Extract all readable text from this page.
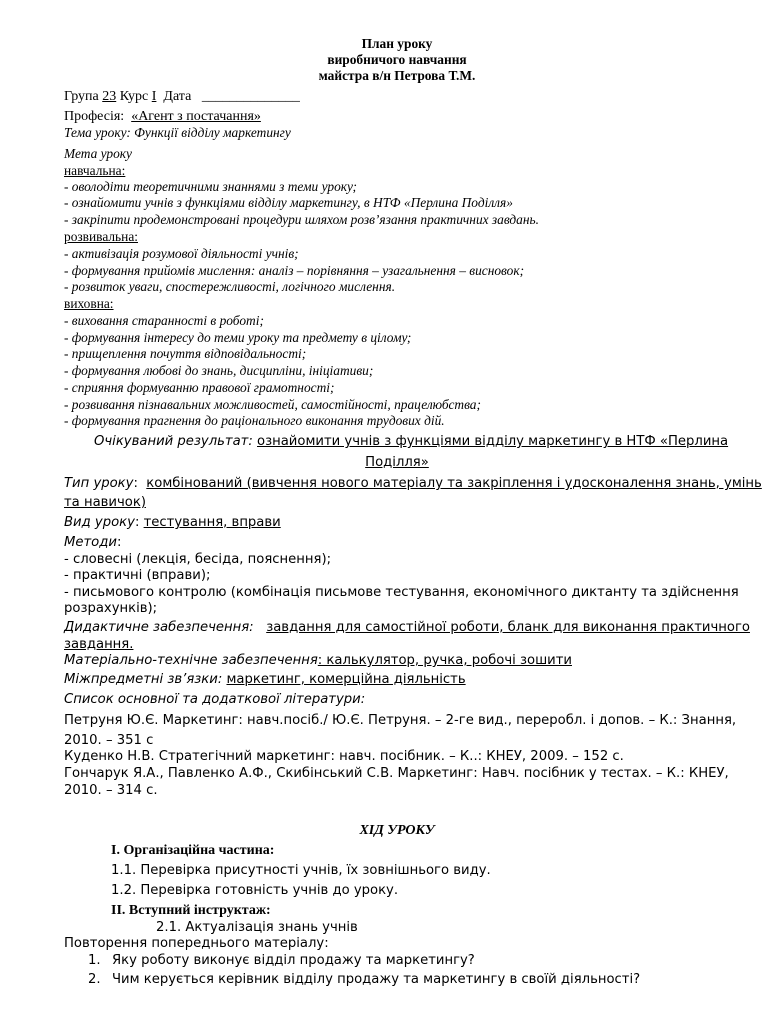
План уроку
виробничого навчання
майстра в/н Петрова Т.М.
Група 23 Курс I Дата ______________
Професія: «Агент з постачання»
Тема уроку: Функції відділу маркетингу
Мета уроку
навчальна:
- оволодіти теоретичними знаннями з теми уроку;
- ознайомити учнів з функціями відділу маркетингу, в НТФ «Перлина Поділля»
- закріпити продемонстровані процедури шляхом розв’язання практичних завдань.
розвивальна:
- активізація розумової діяльності учнів;
- формування прийомів мислення: аналіз – порівняння – узагальнення – висновок;
- розвиток уваги, спостережливості, логічного мислення.
виховна:
- виховання старанності в роботі;
- формування інтересу до теми уроку та предмету в цілому;
- прищеплення почуття відповідальності;
- формування любові до знань, дисципліни, ініціативи;
- сприяння формуванню правової грамотності;
- розвивання пізнавальних можливостей, самостійності, працелюбства;
- формування прагнення до раціонального виконання трудових дій.
Очікуваний результат: ознайомити учнів з функціями відділу маркетингу в НТФ «Перлина
Поділля»
Тип уроку:  комбінований (вивчення нового матеріалу та закріплення і удосконалення знань, умінь
та навичок)
Вид уроку: тестування, вправи
Методи:
- словесні (лекція, бесіда, пояснення);
- практичні (вправи);
- письмового контролю (комбінація письмове тестування, економічного диктанту та здійснення
розрахунків);
Дидактичне забезпечення: завдання для самостійної роботи, бланк для виконання практичного
завдання.
Матеріально-технічне забезпечення: калькулятор, ручка, робочі зошити
Міжпредметні зв’язки: маркетинг, комерційна діяльність
Список основної та додаткової літератури:
Петруня Ю.Є. Маркетинг: навч.посіб./ Ю.Є. Петруня. – 2-ге вид., переробл. і допов. – К.: Знання,
2010. – 351 с
Куденко Н.В. Стратегічний маркетинг: навч. посібник. – К..: КНЕУ, 2009. – 152 с.
Гончарук Я.А., Павленко А.Ф., Скибінський С.В. Маркетинг: Навч. посібник у тестах. – К.: КНЕУ,
2010. – 314 с.
ХІД УРОКУ
І. Організаційна частина:
1.1. Перевірка присутності учнів, їх зовнішнього виду.
1.2. Перевірка готовність учнів до уроку.
ІІ. Вступний інструктаж:
2.1. Актуалізація знань учнів
Повторення попереднього матеріалу:
1. Яку роботу виконує відділ продажу та маркетингу?
2. Чим керується керівник відділу продажу та маркетингу в своїй діяльності?
